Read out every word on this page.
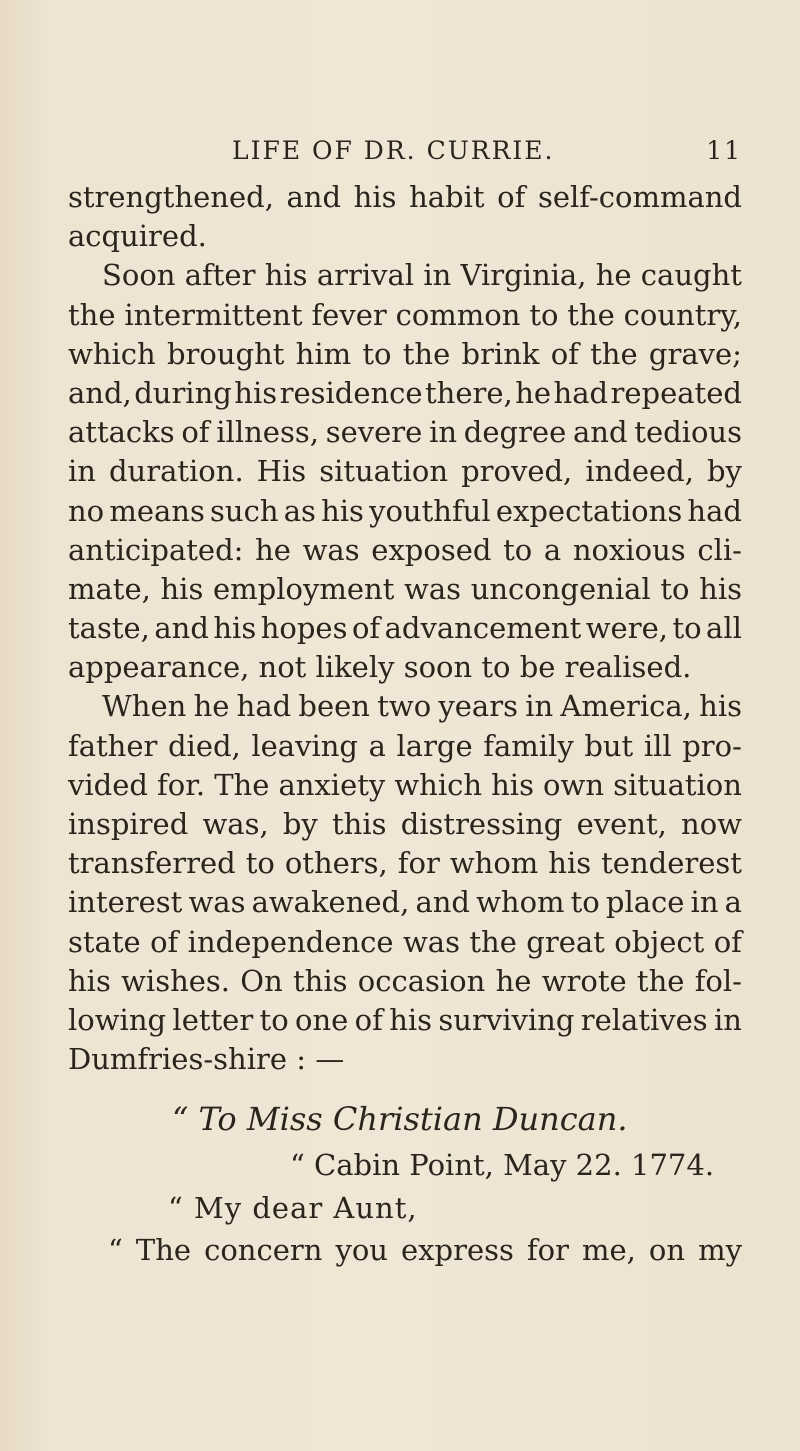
LIFE OF DR. CURRIE.	11
strengthened, and his habit of self-command
acquired.
Soon after his arrival in Virginia, he caught
the intermittent fever common to the country,
which brought him to the brink of the grave;
and, during his residence there, he had repeated
attacks of illness, severe in degree and tedious
in duration. His situation proved, indeed, by
no means such as his youthful expectations had
anticipated: he was exposed to a noxious cli-
mate, his employment was uncongenial to his
taste, and his hopes of advancement were, to all
appearance, not likely soon to be realised.
When he had been two years in America, his
father died, leaving a large family but ill pro-
vided for. The anxiety which his own situation
inspired was, by this distressing event, now
transferred to others, for whom his tenderest
interest was awakened, and whom to place in a
state of independence was the great object of
his wishes. On this occasion he wrote the fol-
lowing letter to one of his surviving relatives in
Dumfries-shire : —
“ To Miss Christian Duncan.
“ Cabin Point, May 22. 1774.
“ My dear Aunt,
“ The concern you express for me, on my
